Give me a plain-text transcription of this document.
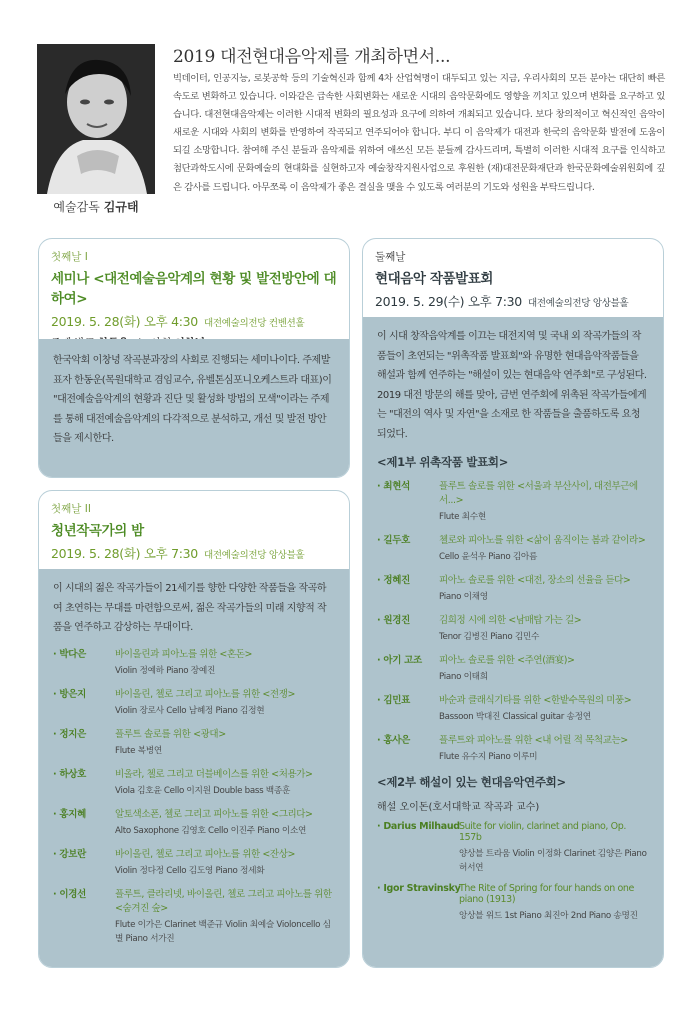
예술감독 김규태
2019 대전현대음악제를 개최하면서...
빅데이터, 인공지능, 로봇공학 등의 기술혁신과 함께 4차 산업혁명이 대두되고 있는 지금, 우리사회의 모든 분야는 대단히 빠른 속도로 변화하고 있습니다. 이와같은 급속한 사회변화는 새로운 시대의 음악문화에도 영향을 끼치고 있으며 변화를 요구하고 있습니다. 대전현대음악제는 이러한 시대적 변화의 필요성과 요구에 의하여 개최되고 있습니다. 보다 창의적이고 혁신적인 음악이 새로운 시대와 사회의 변화를 반영하여 작곡되고 연주되어야 합니다. 부디 이 음악제가 대전과 한국의 음악문화 발전에 도움이 되길 소망합니다. 참여해 주신 분들과 음악제를 위하여 애쓰신 모든 분들께 감사드리며, 특별히 이러한 시대적 요구를 인식하고 첨단과학도시에 문화예술의 현대화를 실현하고자 예술창작지원사업으로 후원한 (재)대전문화재단과 한국문화예술위원회에 깊은 감사를 드립니다. 아무쪼록 이 음악제가 좋은 결실을 맺을 수 있도록 여러분의 기도와 성원을 부탁드립니다.
첫째날 I
세미나 <대전예술음악계의 현황 및 발전방안에 대하여>
2019. 5. 28(화) 오후 4:30 대전예술의전당 컨벤션홀
한국악회 이창녕 작곡분과장의 사회로 진행되는 세미나이다. 주제발표자 한동운(목원대학교 겸임교수, 유벨톤심포니오케스트라 대표)이 "대전예술음악계의 현황과 진단 및 활성화 방법의 모색"이라는 주제를 통해 대전예술음악계의 다각적으로 분석하고, 개선 및 발전 방안들을 제시한다.
첫째날 II
청년작곡가의 밤
2019. 5. 28(화) 오후 7:30 대전예술의전당 앙상블홀
이 시대의 젊은 작곡가들이 21세기를 향한 다양한 작품들을 작곡하여 초연하는 무대를 마련함으로써, 젊은 작곡가들의 미래 지향적 작품을 연주하고 감상하는 무대이다.
· 박다은	바이올린과 피아노를 위한 <혼돈>
Violin 정예하 Piano 장예진
· 방은지	바이올린, 첼로 그리고 피아노를 위한 <전쟁>
Violin 장로사 Cello 남혜정 Piano 김정현
· 정지은	플루트 솔로를 위한 <광대>
Flute 복병연
· 하상호	비올라, 첼로 그리고 더블베이스를 위한 <처용가>
Viola 김호윤 Cello 이지원 Double bass 백종훈
· 홍지혜	알토색소폰, 첼로 그리고 피아노를 위한 <그리다>
Alto Saxophone 김영호 Cello 이진주 Piano 이소연
· 강보란	바이올린, 첼로 그리고 피아노를 위한 <잔상>
Violin 정다정 Cello 김도영 Piano 정세화
· 이경선	플루트, 클라리넷, 바이올린, 첼로 그리고 피아노를 위한 <숨겨진 숲>
Flute 이가은 Clarinet 백준규 Violin 최예슬 Violoncello 심별 Piano 서가진
둘째날
현대음악 작품발표회
2019. 5. 29(수) 오후 7:30 대전예술의전당 앙상블홀
이 시대 창작음악계를 이끄는 대전지역 및 국내 외 작곡가들의 작품들이 초연되는 "위촉작품 발표회"와 유명한 현대음악작품들을 해설과 함께 연주하는 "해설이 있는 현대음악 연주회"로 구성된다. 2019 대전 방문의 해를 맞아, 금번 연주회에 위촉된 작곡가들에게는 "대전의 역사 및 자연"을 소재로 한 작품들을 출품하도록 요청되었다.
<제1부 위촉작품 발표회>
· 최현석	플루트 솔로를 위한 <서울과 부산사이, 대전부근에서...>
Flute 최수현
· 길두호	첼로와 피아노를 위한 <삶이 움직이는 봄과 같이라>
Cello 윤석우 Piano 김아름
· 정혜진	피아노 솔로를 위한 <대전, 장소의 선율을 듣다>
Piano 이채영
· 원경진	김희정 시에 의한 <남매탑 가는 길>
Tenor 김병진 Piano 김민수
· 아기 고조	피아노 솔로를 위한 <주연(酒宴)>
Piano 이태희
· 김민표	바순과 클래식기타를 위한 <한밭수목원의 미풍>
Bassoon 박대진 Classical guitar 송정연
· 홍사은	플루트와 피아노를 위한 <내 어릴 적 목척교는>
Flute 유수지 Piano 이루미
<제2부 해설이 있는 현대음악연주회>
해설 오이돈(호서대학교 작곡과 교수)
· Darius Milhaud Suite for violin, clarinet and piano, Op. 157b
양상블 트라움 Violin 이정화 Clarinet 김양은 Piano 허서연
· Igor Stravinsky
The Rite of Spring for four hands on one piano (1913)
앙상블 위드 1st Piano 최진아 2nd Piano 송명진
